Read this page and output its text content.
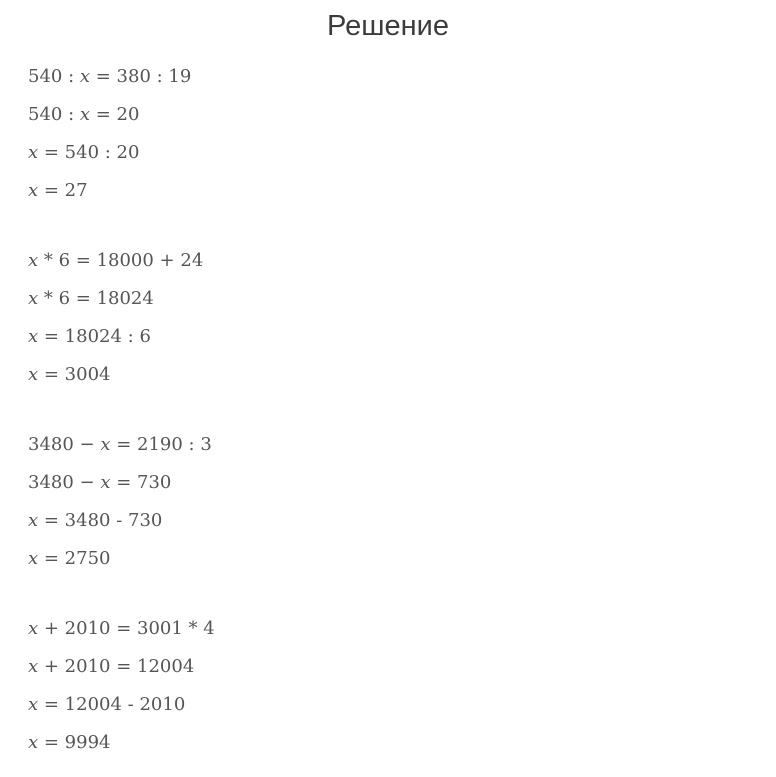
Решение
540 : x = 380 : 19
540 : x = 20
x = 540 : 20
x = 27
x * 6 = 18000 + 24
x * 6 = 18024
x = 18024 : 6
x = 3004
3480 − x = 2190 : 3
3480 − x = 730
x = 3480 - 730
x = 2750
x + 2010 = 3001 * 4
x + 2010 = 12004
x = 12004 - 2010
x = 9994
